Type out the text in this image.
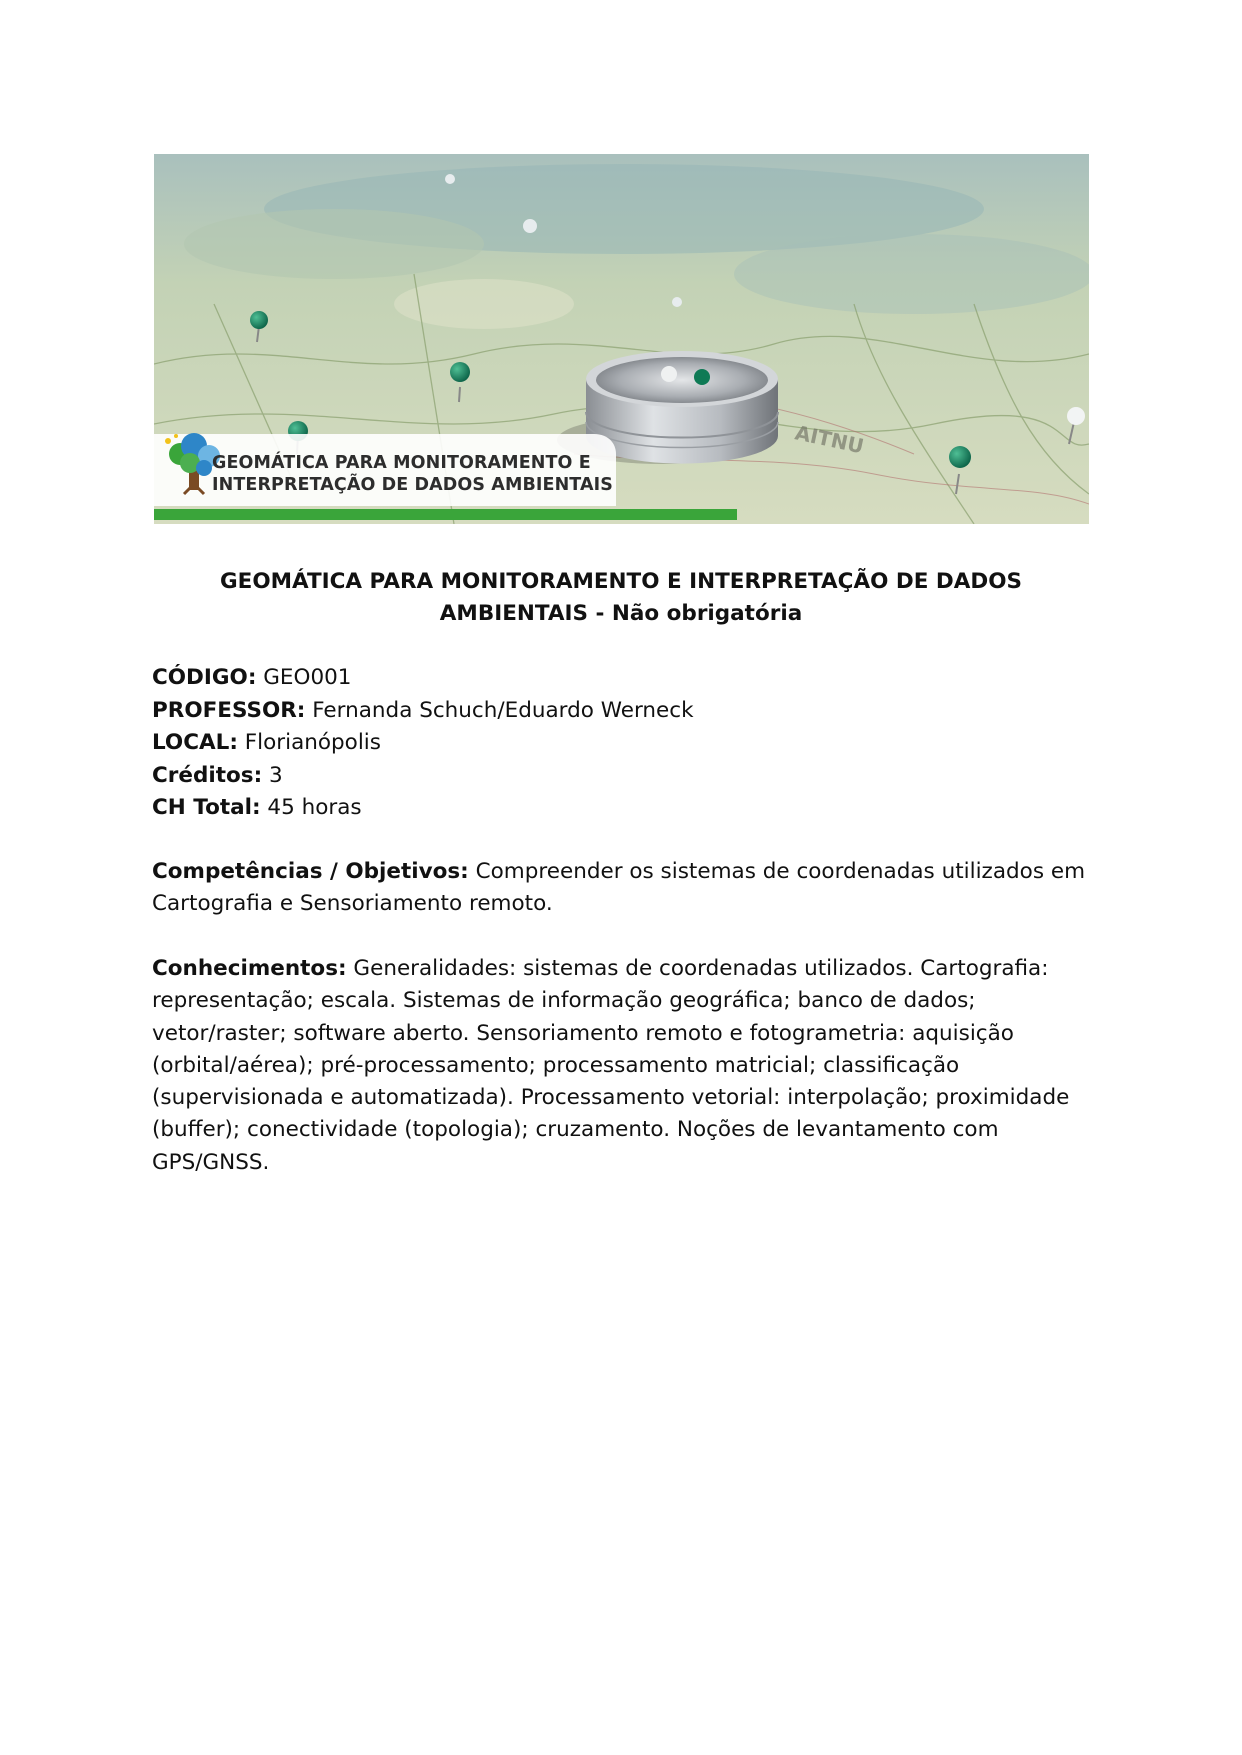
AITNU
GEOMÁTICA PARA MONITORAMENTO E
INTERPRETAÇÃO DE DADOS AMBIENTAIS
GEOMÁTICA PARA MONITORAMENTO E INTERPRETAÇÃO DE DADOS AMBIENTAIS - Não obrigatória
CÓDIGO: GEO001
PROFESSOR: Fernanda Schuch/Eduardo Werneck
LOCAL: Florianópolis
Créditos: 3
CH Total: 45 horas

Competências / Objetivos: Compreender os sistemas de coordenadas utilizados em Cartografia e Sensoriamento remoto.

Conhecimentos: Generalidades: sistemas de coordenadas utilizados. Cartografia: representação; escala. Sistemas de informação geográfica; banco de dados; vetor/raster; software aberto. Sensoriamento remoto e fotogrametria: aquisição (orbital/aérea); pré-processamento; processamento matricial; classificação (supervisionada e automatizada). Processamento vetorial: interpolação; proximidade (buffer); conectividade (topologia); cruzamento. Noções de levantamento com GPS/GNSS.
